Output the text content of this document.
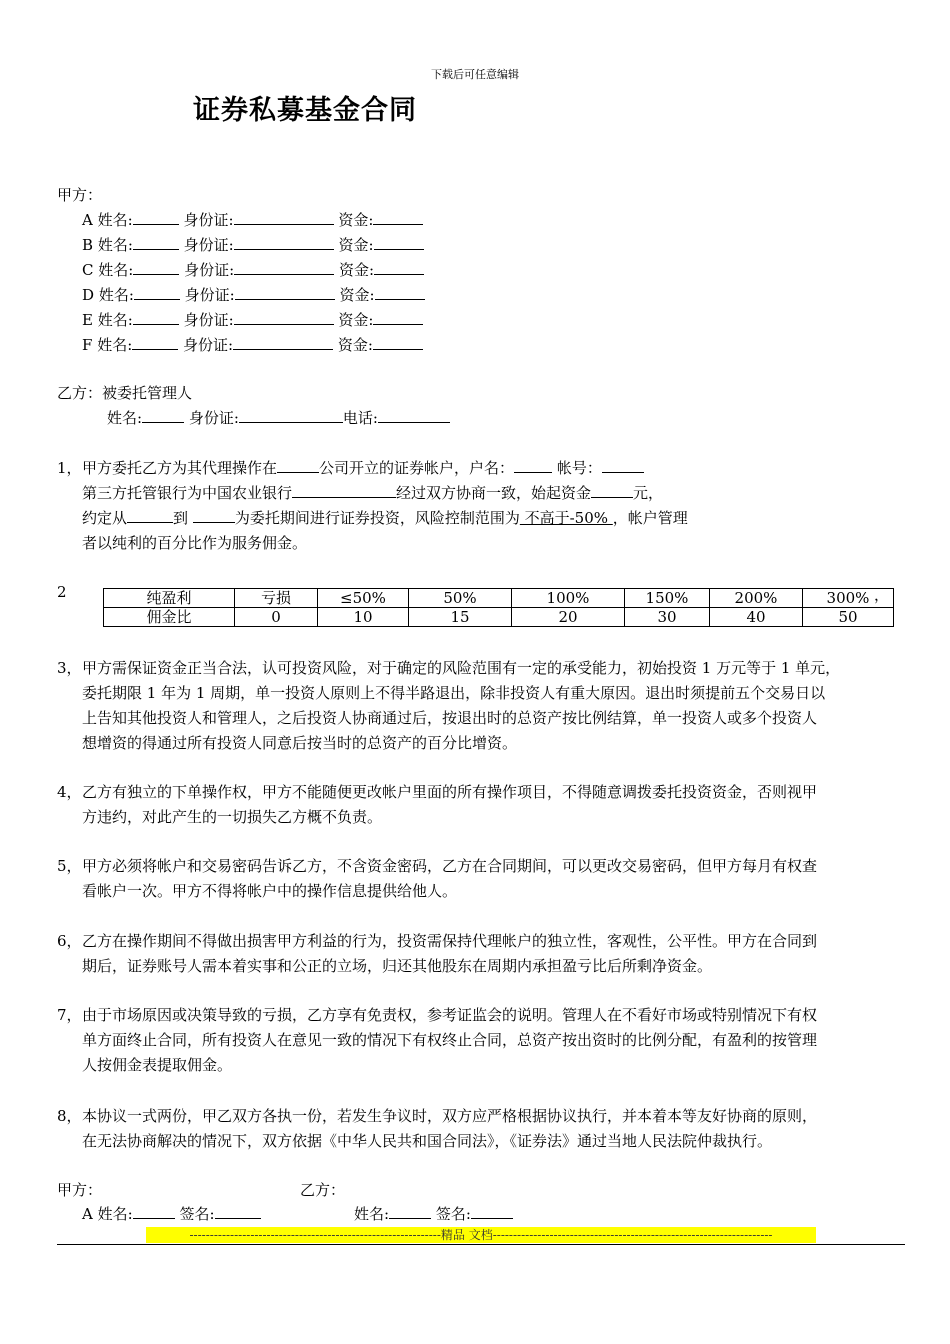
下载后可任意编辑
证券私募基金合同
甲方：
A 姓名:	身份证:	资金:
B 姓名:	身份证:	资金:
C 姓名:	身份证:	资金:
D 姓名:	身份证:	资金:
E 姓名:	身份证:	资金:
F 姓名:	身份证:	资金:
乙方：被委托管理人
姓名:	身份证:	电话:
1， 甲方委托乙方为其代理操作在	公司开立的证券帐户，户名：	帐号：
第三方托管银行为中国农业银行	经过双方协商一致，始起资金	元，
约定从	到	为委托期间进行证券投资，风险控制范围为 不高于-50% ，帐户管理
者以纯利的百分比作为服务佣金。
2	纯盈利	亏损	≤50%	50%	100%	150%	200%	300%
佣金比	0	10	15	20	30	40	50
，
3， 甲方需保证资金正当合法，认可投资风险，对于确定的风险范围有一定的承受能力，初始投资 1 万元等于 1 单元，
委托期限 1 年为 1 周期，单一投资人原则上不得半路退出，除非投资人有重大原因。退出时须提前五个交易日以
上告知其他投资人和管理人，之后投资人协商通过后，按退出时的总资产按比例结算，单一投资人或多个投资人
想增资的得通过所有投资人同意后按当时的总资产的百分比增资。
4， 乙方有独立的下单操作权，甲方不能随便更改帐户里面的所有操作项目，不得随意调拨委托投资资金，否则视甲
方违约，对此产生的一切损失乙方概不负责。
5， 甲方必须将帐户和交易密码告诉乙方，不含资金密码，乙方在合同期间，可以更改交易密码，但甲方每月有权查
看帐户一次。甲方不得将帐户中的操作信息提供给他人。
6， 乙方在操作期间不得做出损害甲方利益的行为，投资需保持代理帐户的独立性，客观性，公平性。甲方在合同到
期后，证券账号人需本着实事和公正的立场，归还其他股东在周期内承担盈亏比后所剩净资金。
7， 由于市场原因或决策导致的亏损，乙方享有免责权，参考证监会的说明。管理人在不看好市场或特别情况下有权
单方面终止合同，所有投资人在意见一致的情况下有权终止合同，总资产按出资时的比例分配，有盈利的按管理
人按佣金表提取佣金。
8， 本协议一式两份，甲乙双方各执一份，若发生争议时，双方应严格根据协议执行，并本着本等友好协商的原则，
在无法协商解决的情况下，双方依据《中华人民共和国合同法》，《证券法》通过当地人民法院仲裁执行。
甲方：	乙方：
A 姓名:	签名:	姓名:	签名:
--------------------------------------------------------------精品 文档---------------------------------------------------------------------
